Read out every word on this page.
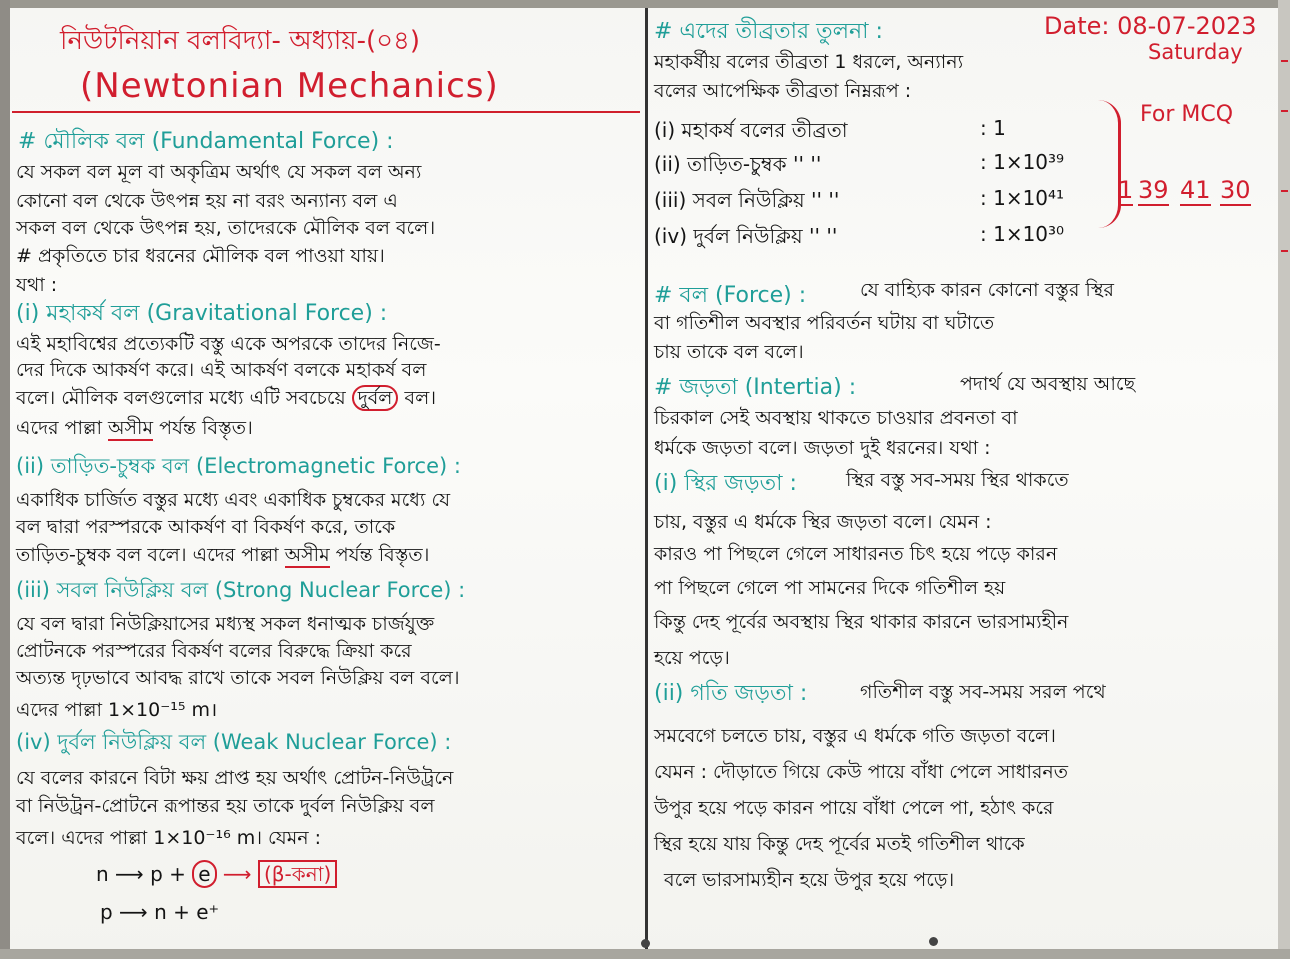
নিউটনিয়ান বলবিদ্যা- অধ্যায়-(০৪)
(Newtonian Mechanics)
Date: 08-07-2023
Saturday
# মৌলিক বল (Fundamental Force) :
যে সকল বল মূল বা অকৃত্রিম অর্থাৎ যে সকল বল অন্য
কোনো বল থেকে উৎপন্ন হয় না বরং অন্যান্য বল এ
সকল বল থেকে উৎপন্ন হয়, তাদেরকে মৌলিক বল বলে।
# প্রকৃতিতে চার ধরনের মৌলিক বল পাওয়া যায়।
যথা :
(i) মহাকর্ষ বল (Gravitational Force) :
এই মহাবিশ্বের প্রত্যেকটি বস্তু একে অপরকে তাদের নিজে-
দের দিকে আকর্ষণ করে। এই আকর্ষণ বলকে মহাকর্ষ বল
বলে। মৌলিক বলগুলোর মধ্যে এটি সবচেয়ে দুর্বল বল।
এদের পাল্লা অসীম পর্যন্ত বিস্তৃত।
(ii) তাড়িত-চুম্বক বল (Electromagnetic Force) :
একাধিক চার্জিত বস্তুর মধ্যে এবং একাধিক চুম্বকের মধ্যে যে
বল দ্বারা পরস্পরকে আকর্ষণ বা বিকর্ষণ করে, তাকে
তাড়িত-চুম্বক বল বলে। এদের পাল্লা অসীম পর্যন্ত বিস্তৃত।
(iii) সবল নিউক্লিয় বল (Strong Nuclear Force) :
যে বল দ্বারা নিউক্লিয়াসের মধ্যস্থ সকল ধনাত্মক চার্জযুক্ত
প্রোটনকে পরস্পরের বিকর্ষণ বলের বিরুদ্ধে ক্রিয়া করে
অত্যন্ত দৃঢ়ভাবে আবদ্ধ রাখে তাকে সবল নিউক্লিয় বল বলে।
এদের পাল্লা 1×10⁻¹⁵ m।
(iv) দুর্বল নিউক্লিয় বল (Weak Nuclear Force) :
যে বলের কারনে বিটা ক্ষয় প্রাপ্ত হয় অর্থাৎ প্রোটন-নিউট্রনে
বা নিউট্রন-প্রোটনে রূপান্তর হয় তাকে দুর্বল নিউক্লিয় বল
বলে। এদের পাল্লা 1×10⁻¹⁶ m। যেমন :
n ⟶ p + e ⟶ (β-কনা)
p ⟶ n + e⁺
# এদের তীব্রতার তুলনা :
মহাকর্ষীয় বলের তীব্রতা 1 ধরলে, অন্যান্য
বলের আপেক্ষিক তীব্রতা নিম্নরূপ :
(i) মহাকর্ষ বলের তীব্রতা	: 1
(ii) তাড়িত-চুম্বক '' ''	: 1×10³⁹
(iii) সবল নিউক্লিয় '' ''	: 1×10⁴¹
(iv) দুর্বল নিউক্লিয় '' ''	: 1×10³⁰
For MCQ
1 39 41 30
# বল (Force) :	যে বাহ্যিক কারন কোনো বস্তুর স্থির
বা গতিশীল অবস্থার পরিবর্তন ঘটায় বা ঘটাতে
চায় তাকে বল বলে।
# জড়তা (Intertia) :	পদার্থ যে অবস্থায় আছে
চিরকাল সেই অবস্থায় থাকতে চাওয়ার প্রবনতা বা
ধর্মকে জড়তা বলে। জড়তা দুই ধরনের। যথা :
(i) স্থির জড়তা :	স্থির বস্তু সব-সময় স্থির থাকতে
চায়, বস্তুর এ ধর্মকে স্থির জড়তা বলে। যেমন :
কারও পা পিছলে গেলে সাধারনত চিৎ হয়ে পড়ে কারন
পা পিছলে গেলে পা সামনের দিকে গতিশীল হয়
কিন্তু দেহ পূর্বের অবস্থায় স্থির থাকার কারনে ভারসাম্যহীন
হয়ে পড়ে।
(ii) গতি জড়তা :	গতিশীল বস্তু সব-সময় সরল পথে
সমবেগে চলতে চায়, বস্তুর এ ধর্মকে গতি জড়তা বলে।
যেমন : দৌড়াতে গিয়ে কেউ পায়ে বাঁধা পেলে সাধারনত
উপুর হয়ে পড়ে কারন পায়ে বাঁধা পেলে পা, হঠাৎ করে
স্থির হয়ে যায় কিন্তু দেহ পূর্বের মতই গতিশীল থাকে
বলে ভারসাম্যহীন হয়ে উপুর হয়ে পড়ে।
